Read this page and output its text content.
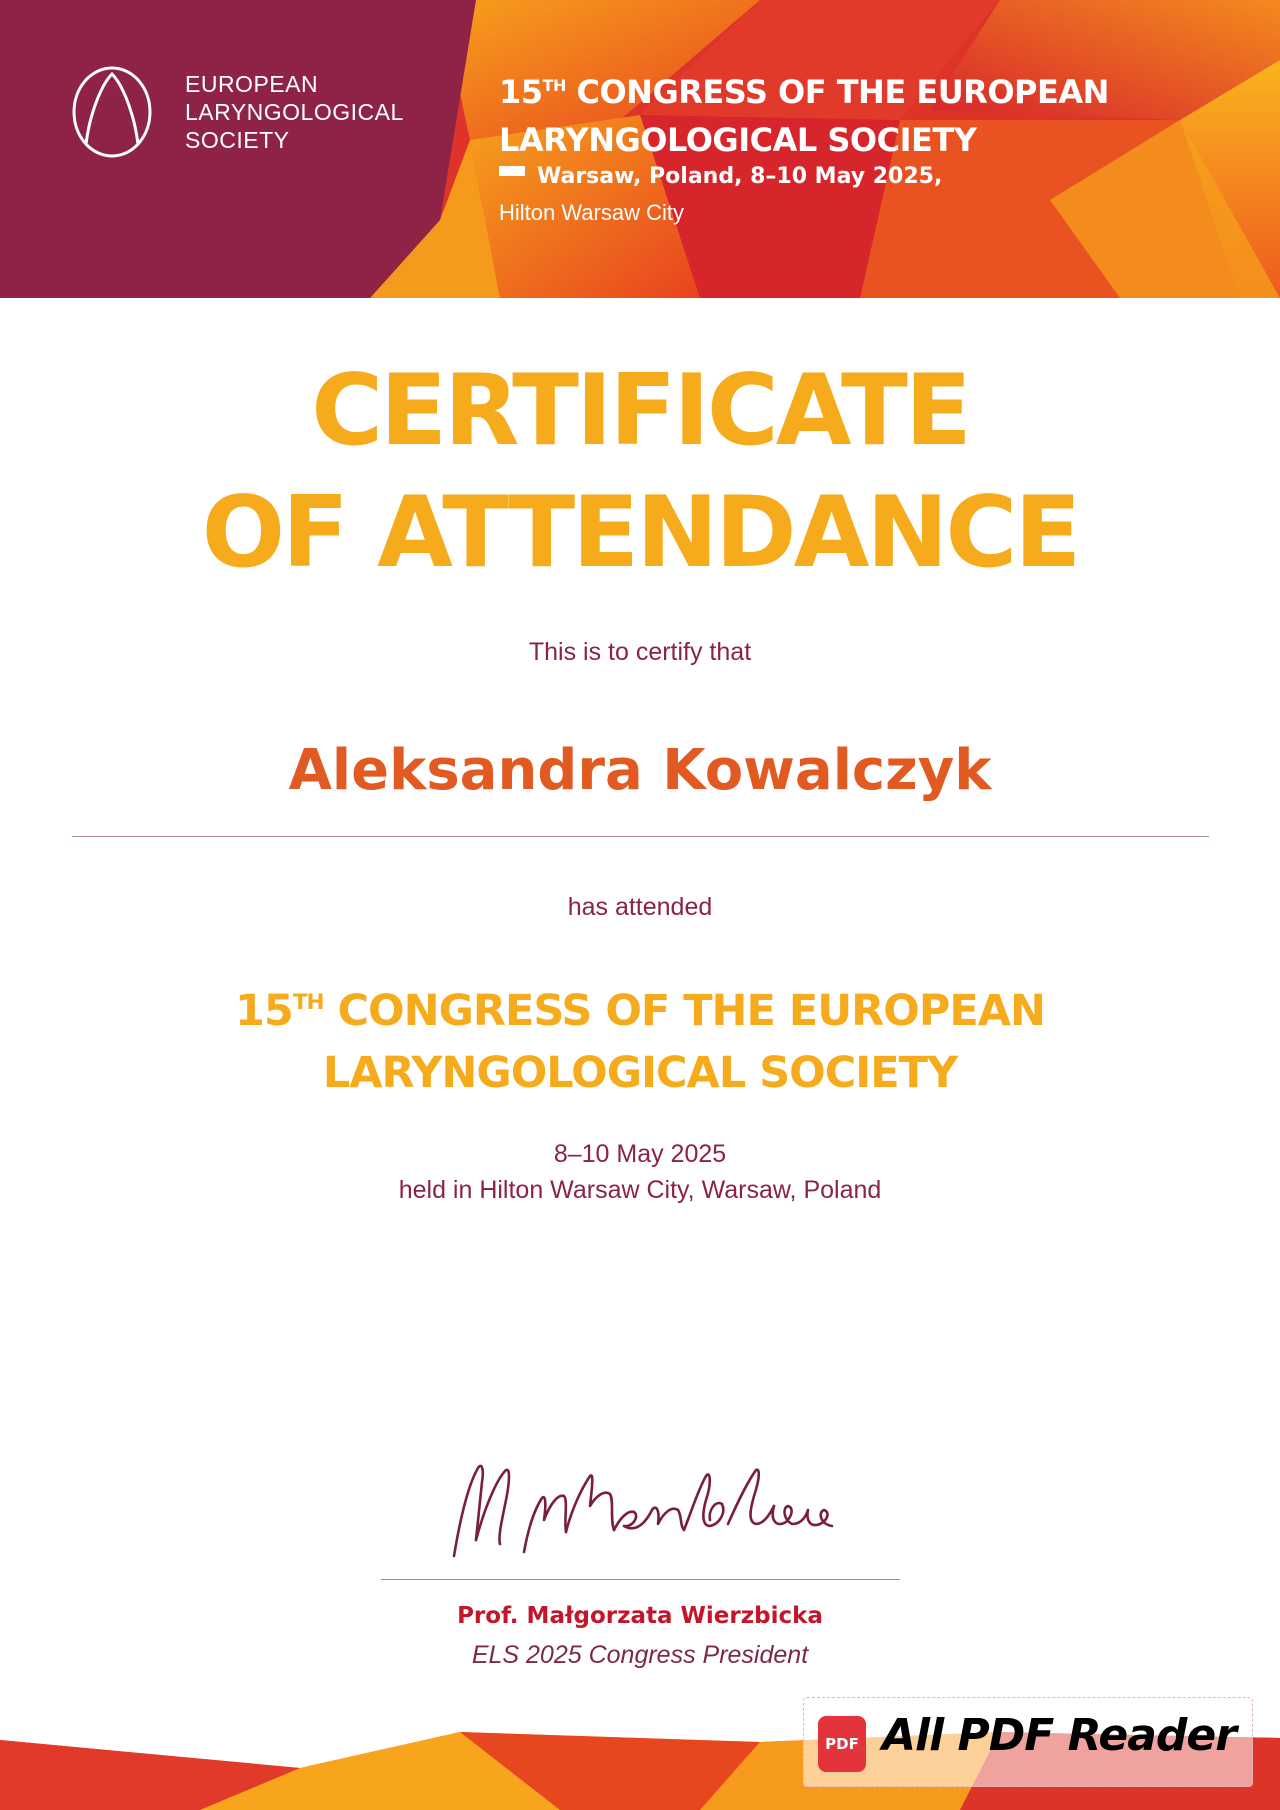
EUROPEAN
LARYNGOLOGICAL
SOCIETY
15TH CONGRESS OF THE EUROPEAN
LARYNGOLOGICAL SOCIETY
Warsaw, Poland, 8–10 May 2025,
Hilton Warsaw City
CERTIFICATE
OF ATTENDANCE
This is to certify that
Aleksandra Kowalczyk
has attended
15TH CONGRESS OF THE EUROPEAN
LARYNGOLOGICAL SOCIETY
8–10 May 2025
held in Hilton Warsaw City, Warsaw, Poland
Prof. Małgorzata Wierzbicka
ELS 2025 Congress President
PDF All PDF Reader
